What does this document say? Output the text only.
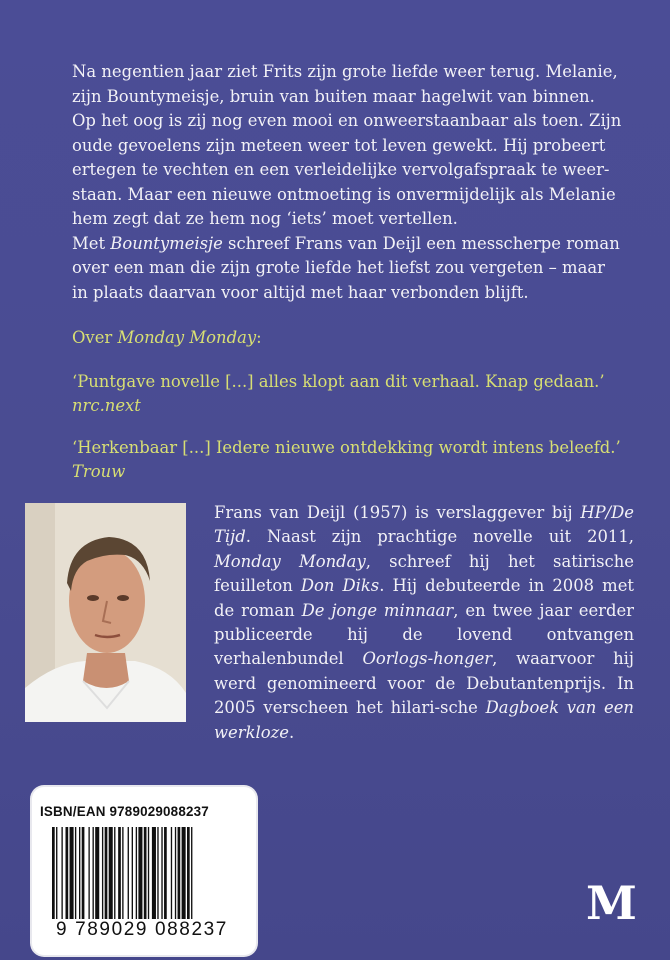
Na negentien jaar ziet Frits zijn grote liefde weer terug. Melanie,
zijn Bountymeisje, bruin van buiten maar hagelwit van binnen.
Op het oog is zij nog even mooi en onweerstaanbaar als toen. Zijn
oude gevoelens zijn meteen weer tot leven gewekt. Hij probeert
ertegen te vechten en een verleidelijke vervolgafspraak te weer-
staan. Maar een nieuwe ontmoeting is onvermijdelijk als Melanie
hem zegt dat ze hem nog ‘iets’ moet vertellen.

Met Bountymeisje schreef Frans van Deijl een messcherpe roman
over een man die zijn grote liefde het liefst zou vergeten – maar
in plaats daarvan voor altijd met haar verbonden blijft.

Over Monday Monday:
‘Puntgave novelle [...] alles klopt aan dit verhaal. Knap gedaan.’
nrc.next
‘Herkenbaar [...] Iedere nieuwe ontdekking wordt intens beleefd.’
Trouw
Frans van Deijl (1957) is verslaggever bij HP/De Tijd. Naast zijn prachtige novelle uit 2011, Monday Monday, schreef hij het satirische feuilleton Don Diks. Hij debuteerde in 2008 met de roman De jonge minnaar, en twee jaar eerder publiceerde hij de lovend ontvangen verhalenbundel Oorlogs-honger, waarvoor hij werd genomineerd voor de Debutantenprijs. In 2005 verscheen het hilari-sche Dagboek van een werkloze.
M
ISBN/EAN 9789029088237
9 789029 088237
